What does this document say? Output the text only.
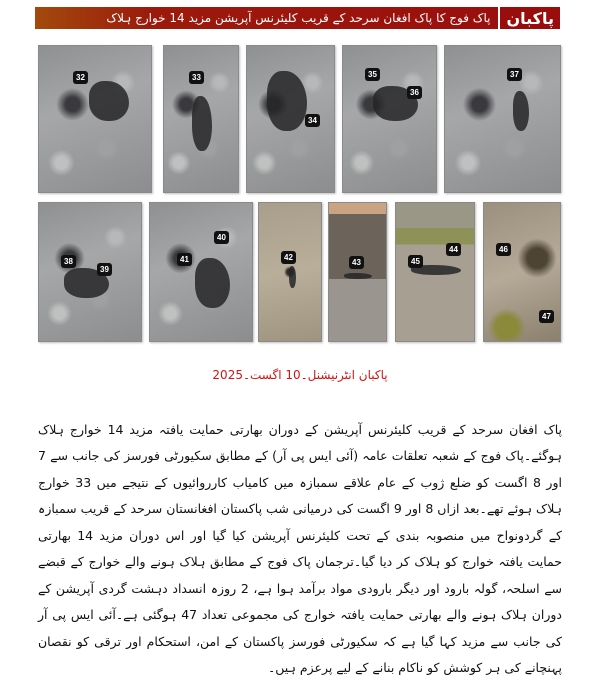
پاکبان
پاک فوج کا پاک افغان سرحد کے قریب کلیئرنس آپریشن مزید 14 خوارج ہلاک
32	33
34
35
36
37
38
39
40
41	42
43
44
45
46
47
پاکبان انٹرنیشنل۔10 اگست۔2025

پاک افغان سرحد کے قریب کلیئرنس آپریشن کے دوران بھارتی حمایت یافتہ مزید 14 خوارج ہلاک ہوگئے۔پاک فوج کے شعبہ تعلقات عامہ (آئی ایس پی آر) کے مطابق سکیورٹی فورسز کی جانب سے 7 اور 8 اگست کو ضلع ژوب کے عام علاقے سمبازہ میں کامیاب کارروائیوں کے نتیجے میں 33 خوارج ہلاک ہوئے تھے۔بعد ازاں 8 اور 9 اگست کی درمیانی شب پاکستان افغانستان سرحد کے قریب سمبازہ کے گردونواح میں منصوبہ بندی کے تحت کلیئرنس آپریشن کیا گیا اور اس دوران مزید 14 بھارتی حمایت یافتہ خوارج کو ہلاک کر دیا گیا۔ترجمان پاک فوج کے مطابق ہلاک ہونے والے خوارج کے قبضے سے اسلحہ، گولہ بارود اور دیگر بارودی مواد برآمد ہوا ہے، 2 روزہ انسداد دہشت گردی آپریشن کے دوران ہلاک ہونے والے بھارتی حمایت یافتہ خوارج کی مجموعی تعداد 47 ہوگئی ہے۔آئی ایس پی آر کی جانب سے مزید کہا گیا ہے کہ سکیورٹی فورسز پاکستان کے امن، استحکام اور ترقی کو نقصان پہنچانے کی ہر کوشش کو ناکام بنانے کے لیے پرعزم ہیں۔
